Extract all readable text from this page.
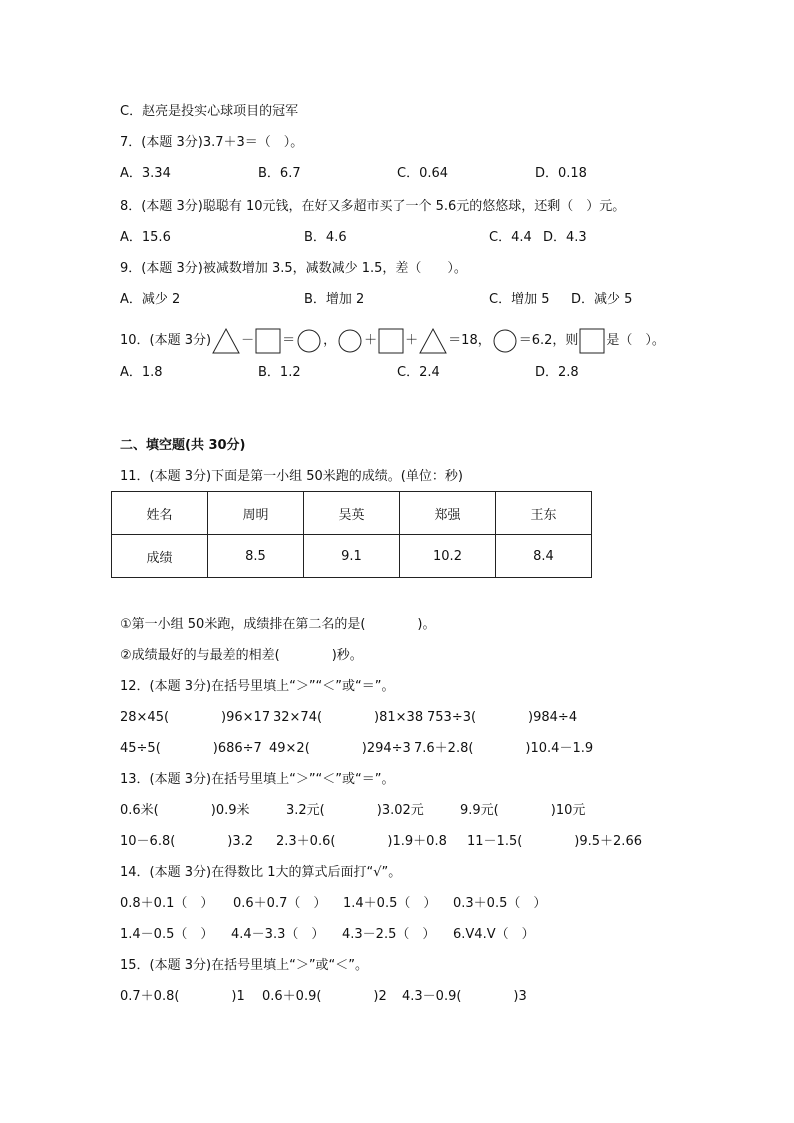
C．赵亮是投实心球项目的冠军
7．(本题 3分)3.7＋3＝（　）。
A．3.34	B．6.7	C．0.64	D．0.18
8．(本题 3分)聪聪有 10元钱，在好又多超市买了一个 5.6元的悠悠球，还剩（　）元。
A．15.6	B．4.6	C．4.4 D．4.3
9．(本题 3分)被减数增加 3.5，减数减少 1.5，差（　　）。
A．减少 2	B．增加 2	C．增加 5 D．减少 5
10．(本题 3分) － ＝ ， ＋ ＋ ＝18， ＝6.2，则 是（　）。
A．1.8	B．1.2	C．2.4	D．2.8
二、填空题(共 30分)
11．(本题 3分)下面是第一小组 50米跑的成绩。(单位：秒)
姓名	周明	吴英	郑强	王东
成绩	8.5	9.1	10.2	8.4
①第一小组 50米跑，成绩排在第二名的是(　　　　)。
②成绩最好的与最差的相差(　　　　)秒。
12．(本题 3分)在括号里填上“＞”“＜”或“＝”。
28×45(　　　　)96×17 32×74(　　　　)81×38 753÷3(　　　　)984÷4
45÷5(　　　　)686÷7 49×2(　　　　)294÷3 7.6＋2.8(　　　　)10.4－1.9
13．(本题 3分)在括号里填上“＞”“＜”或“＝”。
0.6米(　　　　)0.9米	3.2元(　　　　)3.02元	9.9元(　　　　)10元
10－6.8(　　　　)3.2 2.3＋0.6(　　　　)1.9＋0.8 11－1.5(　　　　)9.5＋2.66
14．(本题 3分)在得数比 1大的算式后面打“√”。
0.8＋0.1（　） 0.6＋0.7（　） 1.4＋0.5（　） 0.3＋0.5（　）
1.4－0.5（　） 4.4－3.3（　） 4.3－2.5（　） 6.V4.V（　）
15．(本题 3分)在括号里填上“＞”或“＜”。
0.7＋0.8(　　　　)1 0.6＋0.9(　　　　)2 4.3－0.9(　　　　)3
